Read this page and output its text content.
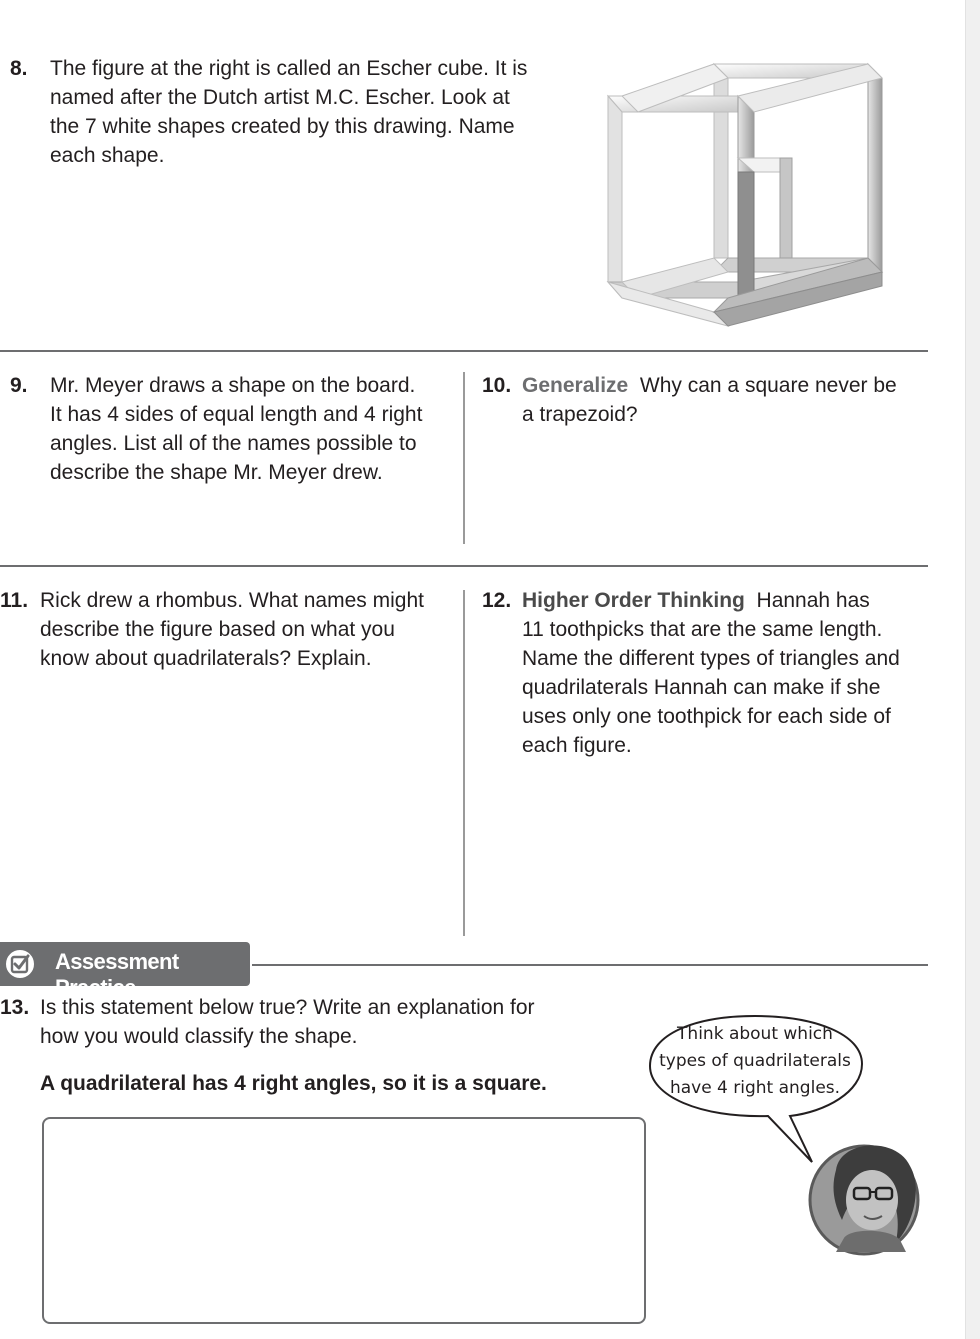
8. The figure at the right is called an Escher cube. It is
named after the Dutch artist M.C. Escher. Look at
the 7 white shapes created by this drawing. Name
each shape.
9. Mr. Meyer draws a shape on the board.
It has 4 sides of equal length and 4 right
angles. List all of the names possible to
describe the shape Mr. Meyer drew.
10. Generalize Why can a square never be
a trapezoid?
11. Rick drew a rhombus. What names might
describe the figure based on what you
know about quadrilaterals? Explain.
12. Higher Order Thinking Hannah has
11 toothpicks that are the same length.
Name the different types of triangles and
quadrilaterals Hannah can make if she
uses only one toothpick for each side of
each figure.
Assessment Practice
13. Is this statement below true? Write an explanation for
how you would classify the shape.
A quadrilateral has 4 right angles, so it is a square.
Think about which
types of quadrilaterals
have 4 right angles.
